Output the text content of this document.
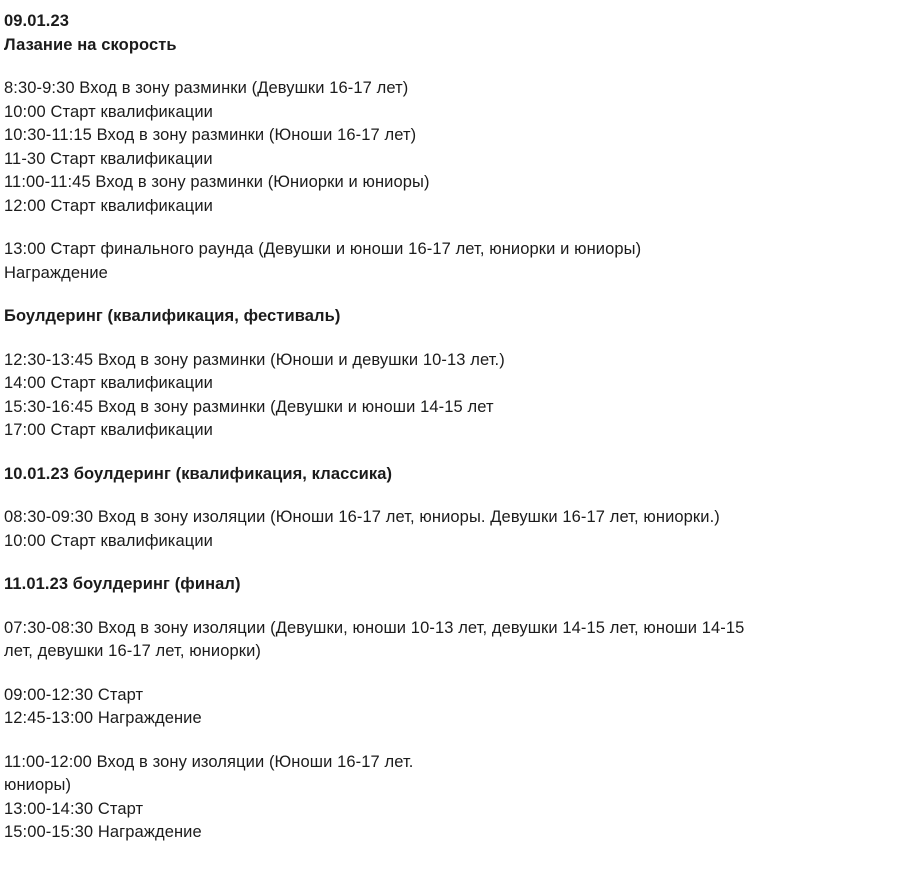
09.01.23
Лазание на скорость
8:30-9:30 Вход в зону разминки (Девушки 16-17 лет)
10:00 Старт квалификации
10:30-11:15 Вход в зону разминки (Юноши 16-17 лет)
11-30 Старт квалификации
11:00-11:45 Вход в зону разминки (Юниорки и юниоры)
12:00 Старт квалификации
13:00 Старт финального раунда (Девушки и юноши 16-17 лет, юниорки и юниоры)
Награждение
Боулдеринг (квалификация, фестиваль)
12:30-13:45 Вход в зону разминки (Юноши и девушки 10-13 лет.)
14:00 Старт квалификации
15:30-16:45 Вход в зону разминки (Девушки и юноши 14-15 лет
17:00 Старт квалификации
10.01.23 боулдеринг (квалификация, классика)
08:30-09:30 Вход в зону изоляции (Юноши 16-17 лет, юниоры. Девушки 16-17 лет, юниорки.)
10:00 Старт квалификации
11.01.23 боулдеринг (финал)
07:30-08:30 Вход в зону изоляции (Девушки, юноши 10-13 лет, девушки 14-15 лет, юноши 14-15
лет, девушки 16-17 лет, юниорки)
09:00-12:30 Старт
12:45-13:00 Награждение
11:00-12:00 Вход в зону изоляции (Юноши 16-17 лет.
юниоры)
13:00-14:30 Старт
15:00-15:30 Награждение
